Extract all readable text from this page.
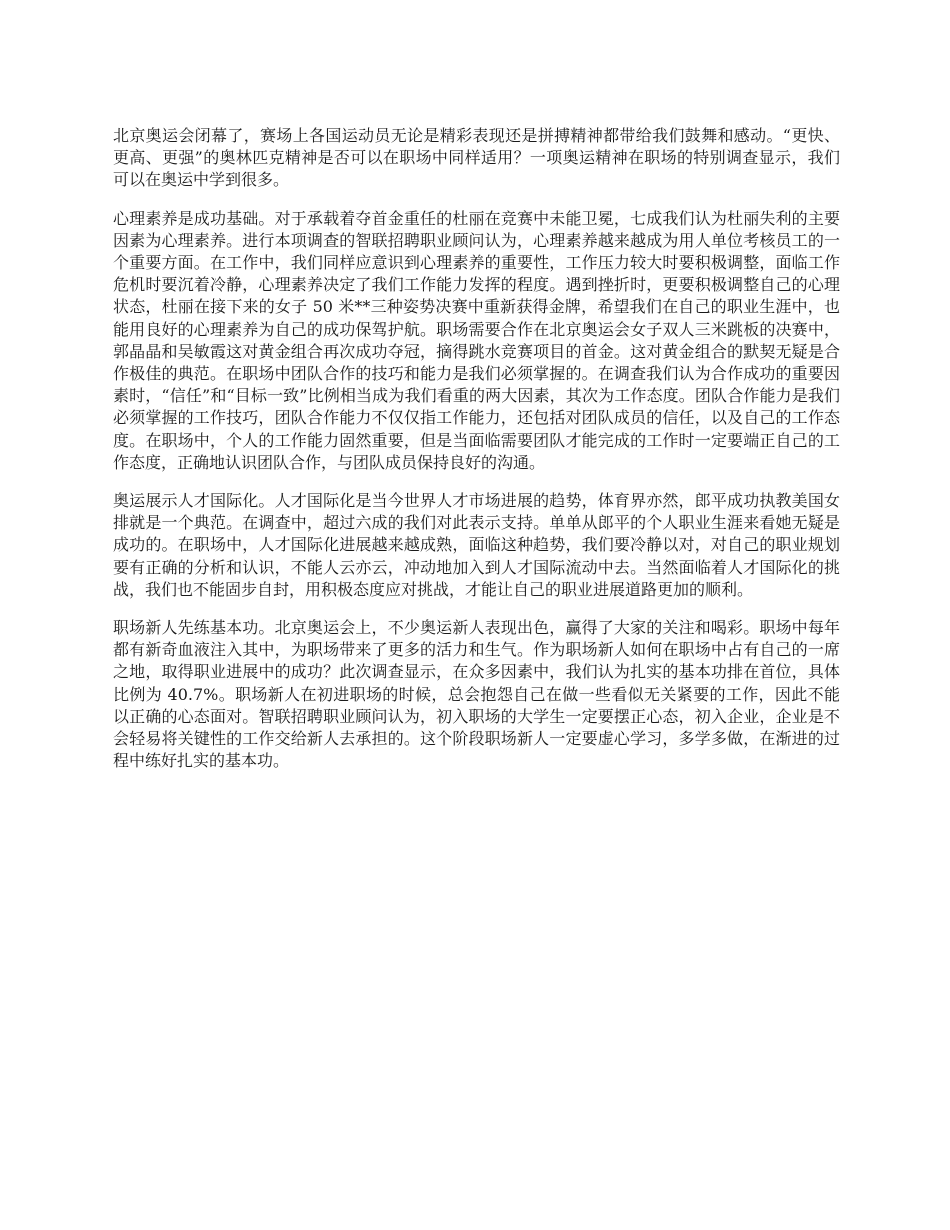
北京奥运会闭幕了，赛场上各国运动员无论是精彩表现还是拼搏精神都带给我们鼓舞和感动。“更快、更高、更强”的奥林匹克精神是否可以在职场中同样适用？一项奥运精神在职场的特别调查显示，我们可以在奥运中学到很多。

心理素养是成功基础。对于承载着夺首金重任的杜丽在竞赛中未能卫冕，七成我们认为杜丽失利的主要因素为心理素养。进行本项调查的智联招聘职业顾问认为，心理素养越来越成为用人单位考核员工的一个重要方面。在工作中，我们同样应意识到心理素养的重要性，工作压力较大时要积极调整，面临工作危机时要沉着冷静，心理素养决定了我们工作能力发挥的程度。遇到挫折时，更要积极调整自己的心理状态，杜丽在接下来的女子 50 米**三种姿势决赛中重新获得金牌，希望我们在自己的职业生涯中，也能用良好的心理素养为自己的成功保驾护航。职场需要合作在北京奥运会女子双人三米跳板的决赛中，郭晶晶和吴敏霞这对黄金组合再次成功夺冠，摘得跳水竞赛项目的首金。这对黄金组合的默契无疑是合作极佳的典范。在职场中团队合作的技巧和能力是我们必须掌握的。在调查我们认为合作成功的重要因素时，“信任”和“目标一致”比例相当成为我们看重的两大因素，其次为工作态度。团队合作能力是我们必须掌握的工作技巧，团队合作能力不仅仅指工作能力，还包括对团队成员的信任，以及自己的工作态度。在职场中，个人的工作能力固然重要，但是当面临需要团队才能完成的工作时一定要端正自己的工作态度，正确地认识团队合作，与团队成员保持良好的沟通。

奥运展示人才国际化。人才国际化是当今世界人才市场进展的趋势，体育界亦然，郎平成功执教美国女排就是一个典范。在调查中，超过六成的我们对此表示支持。单单从郎平的个人职业生涯来看她无疑是成功的。在职场中，人才国际化进展越来越成熟，面临这种趋势，我们要冷静以对，对自己的职业规划要有正确的分析和认识，不能人云亦云，冲动地加入到人才国际流动中去。当然面临着人才国际化的挑战，我们也不能固步自封，用积极态度应对挑战，才能让自己的职业进展道路更加的顺利。

职场新人先练基本功。北京奥运会上，不少奥运新人表现出色，赢得了大家的关注和喝彩。职场中每年都有新奇血液注入其中，为职场带来了更多的活力和生气。作为职场新人如何在职场中占有自己的一席之地，取得职业进展中的成功？此次调查显示，在众多因素中，我们认为扎实的基本功排在首位，具体比例为 40.7%。职场新人在初进职场的时候，总会抱怨自己在做一些看似无关紧要的工作，因此不能以正确的心态面对。智联招聘职业顾问认为，初入职场的大学生一定要摆正心态，初入企业，企业是不会轻易将关键性的工作交给新人去承担的。这个阶段职场新人一定要虚心学习，多学多做，在渐进的过程中练好扎实的基本功。
